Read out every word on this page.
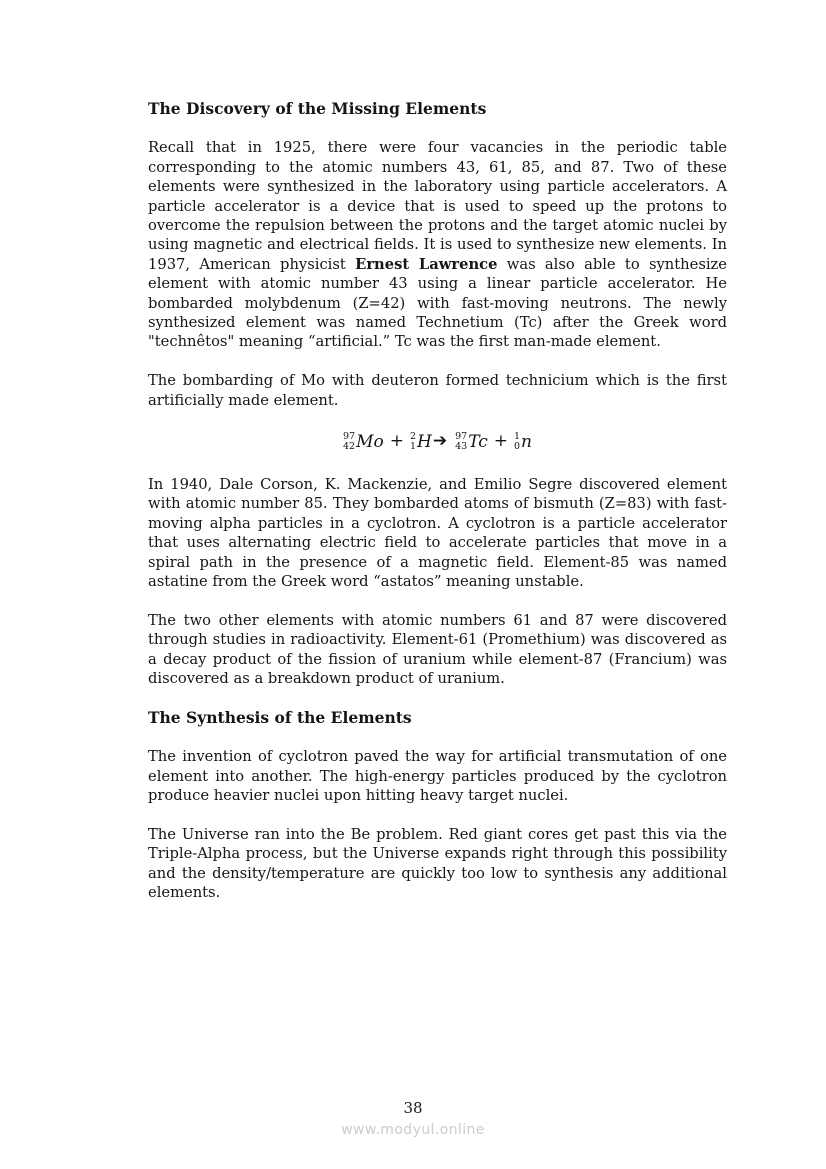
The Discovery of the Missing Elements

Recall that in 1925, there were four vacancies in the periodic table corresponding to the atomic numbers 43, 61, 85, and 87. Two of these elements were synthesized in the laboratory using particle accelerators. A particle accelerator is a device that is used to speed up the protons to overcome the repulsion between the protons and the target atomic nuclei by using magnetic and electrical fields. It is used to synthesize new elements. In 1937, American physicist Ernest Lawrence was also able to synthesize element with atomic number 43 using a linear particle accelerator. He bombarded molybdenum (Z=42) with fast-moving neutrons. The newly synthesized element was named Technetium (Tc) after the Greek word "technêtos" meaning “artificial.” Tc was the first man-made element.

The bombarding of Mo with deuteron formed technicium which is the first artificially made element.

97
42 Mo + 2
1 H ➔ 97
43 Tc + 1
0 n

In 1940, Dale Corson, K. Mackenzie, and Emilio Segre discovered element with atomic number 85. They bombarded atoms of bismuth (Z=83) with fast-moving alpha particles in a cyclotron. A cyclotron is a particle accelerator that uses alternating electric field to accelerate particles that move in a spiral path in the presence of a magnetic field. Element-85 was named astatine from the Greek word “astatos” meaning unstable.

The two other elements with atomic numbers 61 and 87 were discovered through studies in radioactivity. Element-61 (Promethium) was discovered as a decay product of the fission of uranium while element-87 (Francium) was discovered as a breakdown product of uranium.

The Synthesis of the Elements

The invention of cyclotron paved the way for artificial transmutation of one element into another. The high-energy particles produced by the cyclotron produce heavier nuclei upon hitting heavy target nuclei.

The Universe ran into the Be problem. Red giant cores get past this via the Triple-Alpha process, but the Universe expands right through this possibility and the density/temperature are quickly too low to synthesis any additional elements.

38
www.modyul.online
